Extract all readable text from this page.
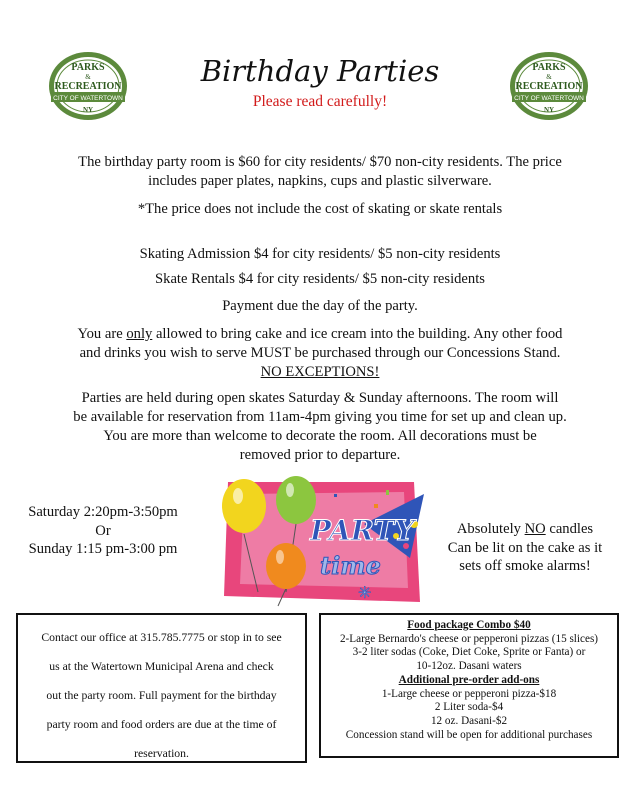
PARKS
&
RECREATION
CITY OF WATERTOWN
NY
PARKS
&
RECREATION
CITY OF WATERTOWN
NY
Birthday Parties
Please read carefully!
The birthday party room is $60 for city residents/ $70 non-city residents. The price
includes paper plates, napkins, cups and plastic silverware.
*The price does not include the cost of skating or skate rentals
Skating Admission $4 for city residents/ $5 non-city residents
Skate Rentals $4 for city residents/ $5 non-city residents
Payment due the day of the party.
You are only allowed to bring cake and ice cream into the building. Any other food
and drinks you wish to serve MUST be purchased through our Concessions Stand.
NO EXCEPTIONS!
Parties are held during open skates Saturday & Sunday afternoons. The room will
be available for reservation from 11am-4pm giving you time for set up and clean up.
You are more than welcome to decorate the room. All decorations must be
removed prior to departure.
Saturday 2:20pm-3:50pm
Or
Sunday 1:15 pm-3:00 pm
PARTY
time
✳
Absolutely NO candles
Can be lit on the cake as it
sets off smoke alarms!
Contact our office at 315.785.7775 or stop in to see
us at the Watertown Municipal Arena and check
out the party room. Full payment for the birthday
party room and food orders are due at the time of
reservation.
Food package Combo $40
2-Large Bernardo's cheese or pepperoni pizzas (15 slices)
3-2 liter sodas (Coke, Diet Coke, Sprite or Fanta) or
10-12oz. Dasani waters
Additional pre-order add-ons
1-Large cheese or pepperoni pizza-$18
2 Liter soda-$4
12 oz. Dasani-$2
Concession stand will be open for additional purchases
